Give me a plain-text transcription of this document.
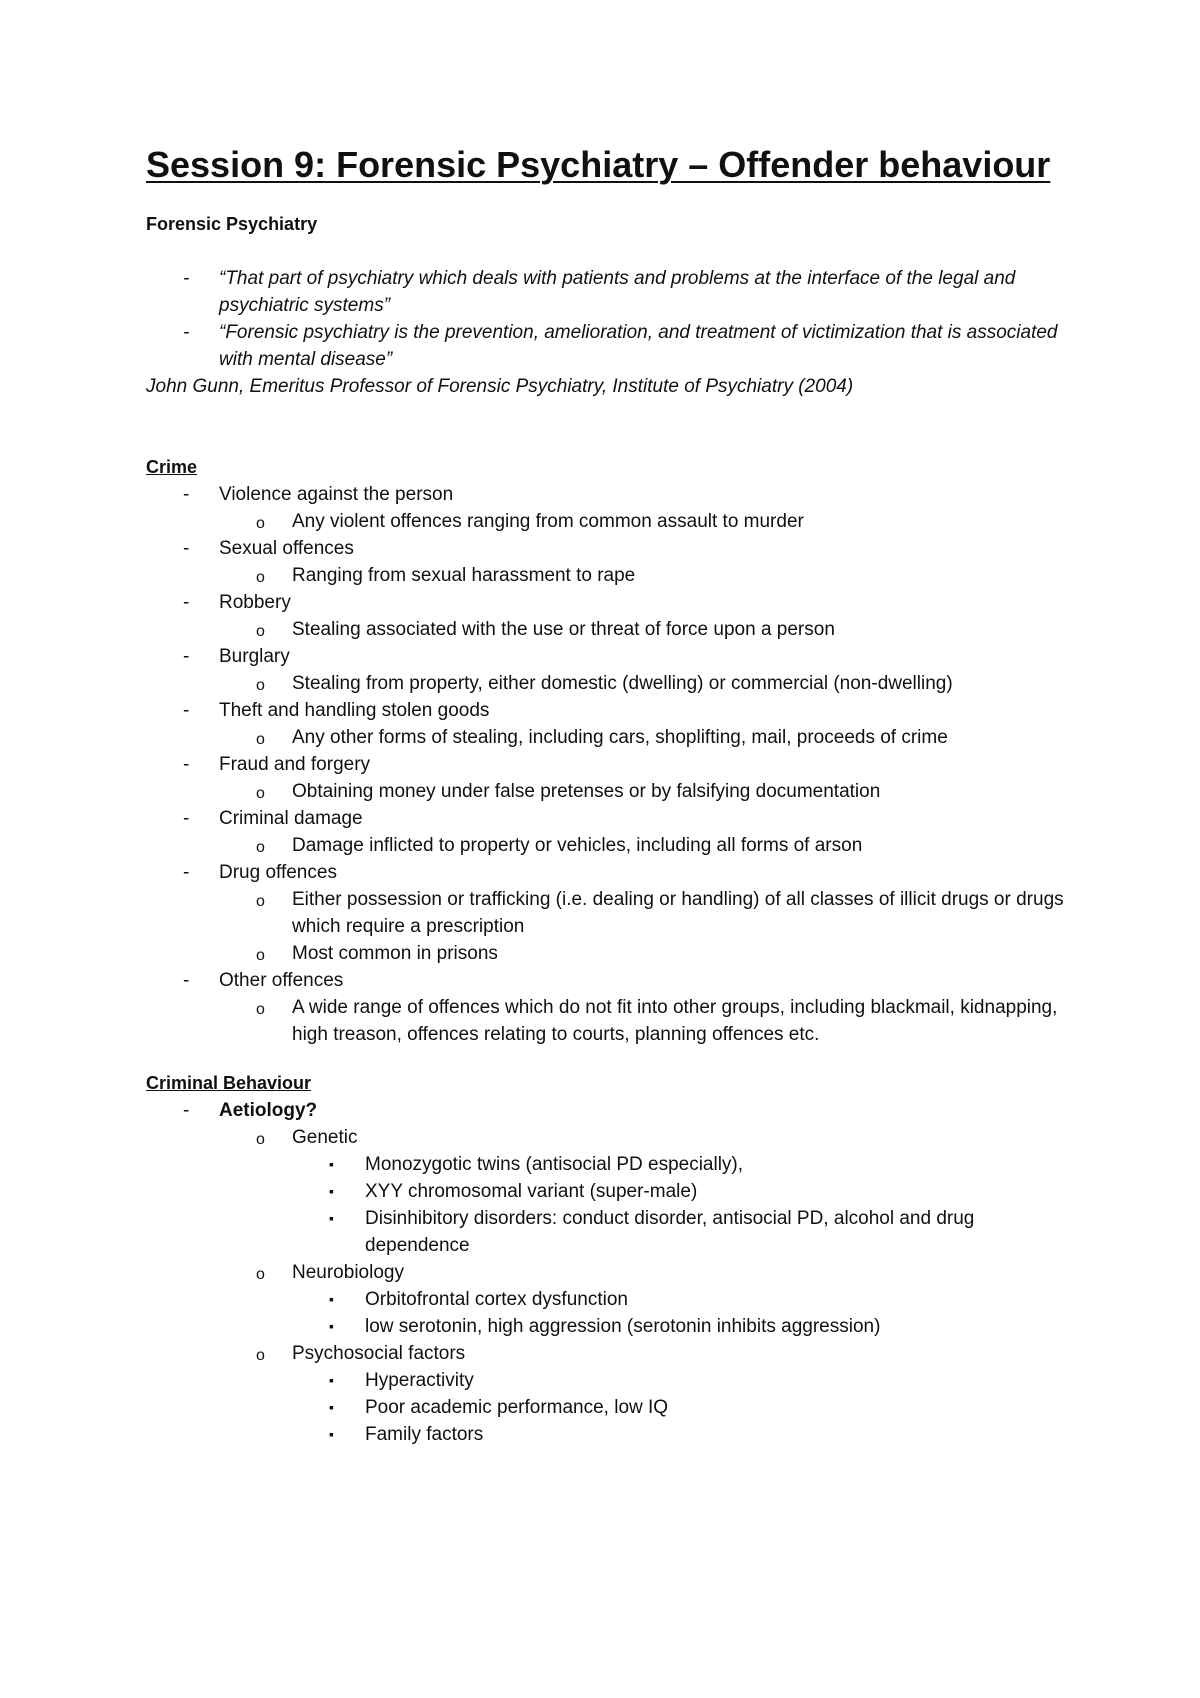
Session 9: Forensic Psychiatry – Offender behaviour

Forensic Psychiatry

- “That part of psychiatry which deals with patients and problems at the interface of the legal and psychiatric systems”
- “Forensic psychiatry is the prevention, amelioration, and treatment of victimization that is associated with mental disease”
John Gunn, Emeritus Professor of Forensic Psychiatry, Institute of Psychiatry (2004)

Crime

- Violence against the person
o Any violent offences ranging from common assault to murder
- Sexual offences
o Ranging from sexual harassment to rape
- Robbery
o Stealing associated with the use or threat of force upon a person
- Burglary
o Stealing from property, either domestic (dwelling) or commercial (non-dwelling)
- Theft and handling stolen goods
o Any other forms of stealing, including cars, shoplifting, mail, proceeds of crime
- Fraud and forgery
o Obtaining money under false pretenses or by falsifying documentation
- Criminal damage
o Damage inflicted to property or vehicles, including all forms of arson
- Drug offences
o Either possession or trafficking (i.e. dealing or handling) of all classes of illicit drugs or drugs which require a prescription
o Most common in prisons
- Other offences
o A wide range of offences which do not fit into other groups, including blackmail, kidnapping, high treason, offences relating to courts, planning offences etc.

Criminal Behaviour

- Aetiology?
o Genetic
▪ Monozygotic twins (antisocial PD especially),
▪ XYY chromosomal variant (super-male)
▪ Disinhibitory disorders: conduct disorder, antisocial PD, alcohol and drug dependence
o Neurobiology
▪ Orbitofrontal cortex dysfunction
▪ low serotonin, high aggression (serotonin inhibits aggression)
o Psychosocial factors
▪ Hyperactivity
▪ Poor academic performance, low IQ
▪ Family factors
